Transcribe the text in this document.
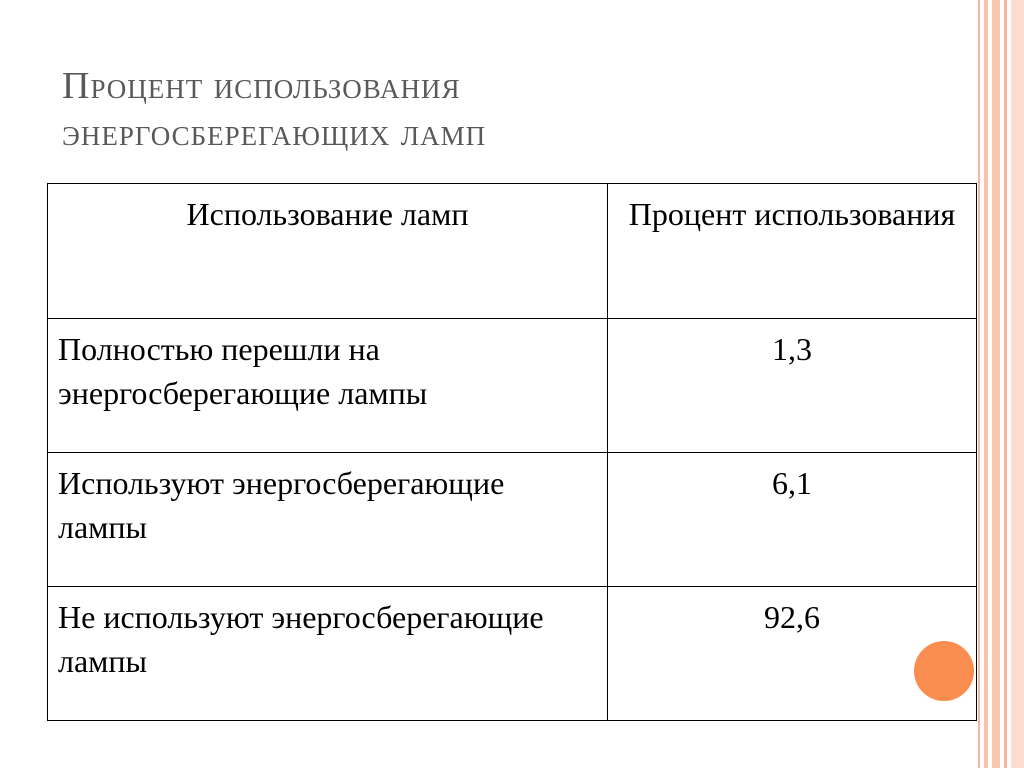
Процент использования
энергосберегающих ламп
Использование ламп	Процент использования
Полностью перешли на энергосберегающие лампы	1,3
Используют энергосберегающие лампы	6,1
Не используют энергосберегающие лампы	92,6
